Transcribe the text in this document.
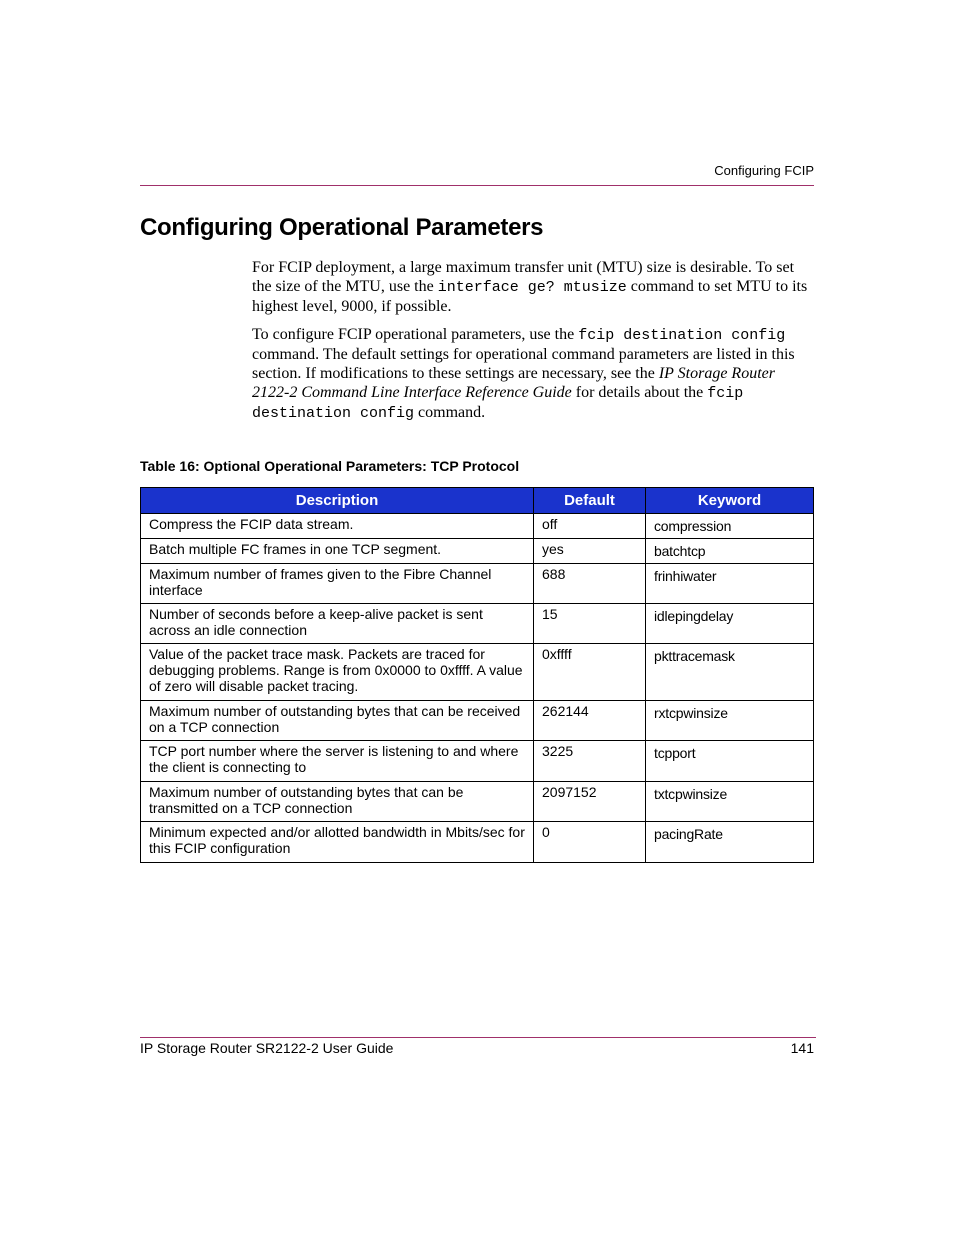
Configuring FCIP
Configuring Operational Parameters

For FCIP deployment, a large maximum transfer unit (MTU) size is desirable. To set the size of the MTU, use the interface ge? mtusize command to set MTU to its highest level, 9000, if possible.

To configure FCIP operational parameters, use the fcip destination config command. The default settings for operational command parameters are listed in this section. If modifications to these settings are necessary, see the IP Storage Router 2122-2 Command Line Interface Reference Guide for details about the fcip destination config command.

Table 16: Optional Operational Parameters: TCP Protocol
Description	Default	Keyword
Compress the FCIP data stream.	off	compression
Batch multiple FC frames in one TCP segment.	yes	batchtcp
Maximum number of frames given to the Fibre Channel interface	688	frinhiwater
Number of seconds before a keep-alive packet is sent across an idle connection	15	idlepingdelay
Value of the packet trace mask. Packets are traced for debugging problems. Range is from 0x0000 to 0xffff. A value of zero will disable packet tracing.	0xffff	pkttracemask
Maximum number of outstanding bytes that can be received on a TCP connection	262144	rxtcpwinsize
TCP port number where the server is listening to and where the client is connecting to	3225	tcpport
Maximum number of outstanding bytes that can be transmitted on a TCP connection	2097152	txtcpwinsize
Minimum expected and/or allotted bandwidth in Mbits/sec for this FCIP configuration	0	pacingRate
IP Storage Router SR2122-2 User Guide	141
